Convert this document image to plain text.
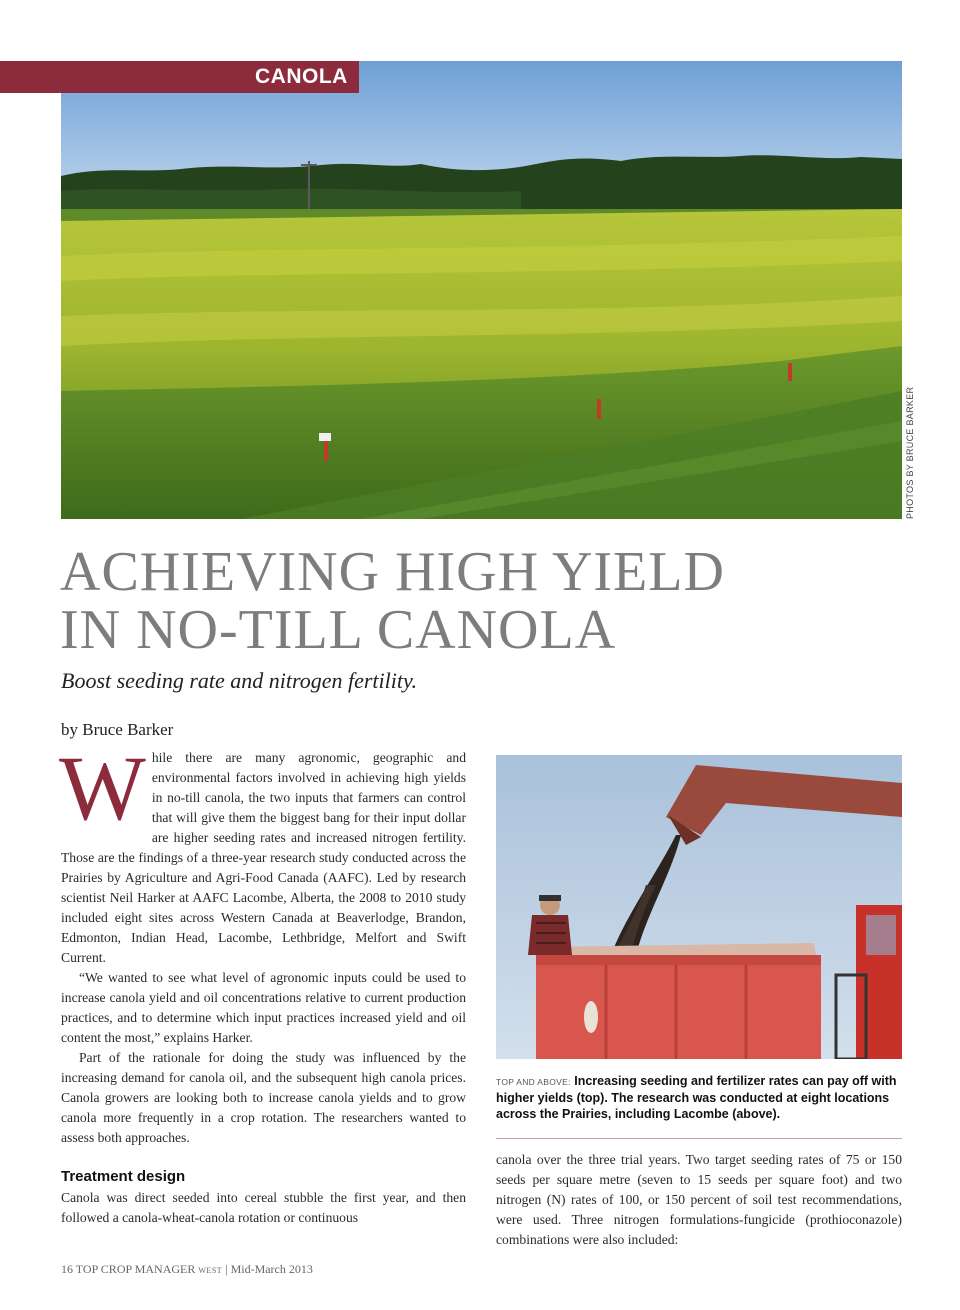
CANOLA
PHOTOS BY BRUCE BARKER
ACHIEVING HIGH YIELD
IN NO-TILL CANOLA
Boost seeding rate and nitrogen fertility.
by Bruce Barker

While there are many agronomic, geographic and environmental factors involved in achieving high yields in no-till canola, the two inputs that farmers can control that will give them the biggest bang for their input dollar are higher seeding rates and increased nitrogen fertility. Those are the findings of a three-year research study conducted across the Prairies by Agriculture and Agri-Food Canada (AAFC). Led by research scientist Neil Harker at AAFC Lacombe, Alberta, the 2008 to 2010 study included eight sites across Western Canada at Beaverlodge, Brandon, Edmonton, Indian Head, Lacombe, Lethbridge, Melfort and Swift Current.

“We wanted to see what level of agronomic inputs could be used to increase canola yield and oil concentrations relative to current production practices, and to determine which input practices increased yield and oil content the most,” explains Harker.

Part of the rationale for doing the study was influenced by the increasing demand for canola oil, and the subsequent high canola prices. Canola growers are looking both to increase canola yields and to grow canola more frequently in a crop rotation. The researchers wanted to assess both approaches.

Treatment design

Canola was direct seeded into cereal stubble the first year, and then followed a canola-wheat-canola rotation or continuous

TOP AND ABOVE: Increasing seeding and fertilizer rates can pay off with higher yields (top). The research was conducted at eight locations across the Prairies, including Lacombe (above).

canola over the three trial years. Two target seeding rates of 75 or 150 seeds per square metre (seven to 15 seeds per square foot) and two nitrogen (N) rates of 100, or 150 percent of soil test recommendations, were used. Three nitrogen formulations-fungicide (prothioconazole) combinations were also included:

16 TOP CROP MANAGER WEST | Mid-March 2013
